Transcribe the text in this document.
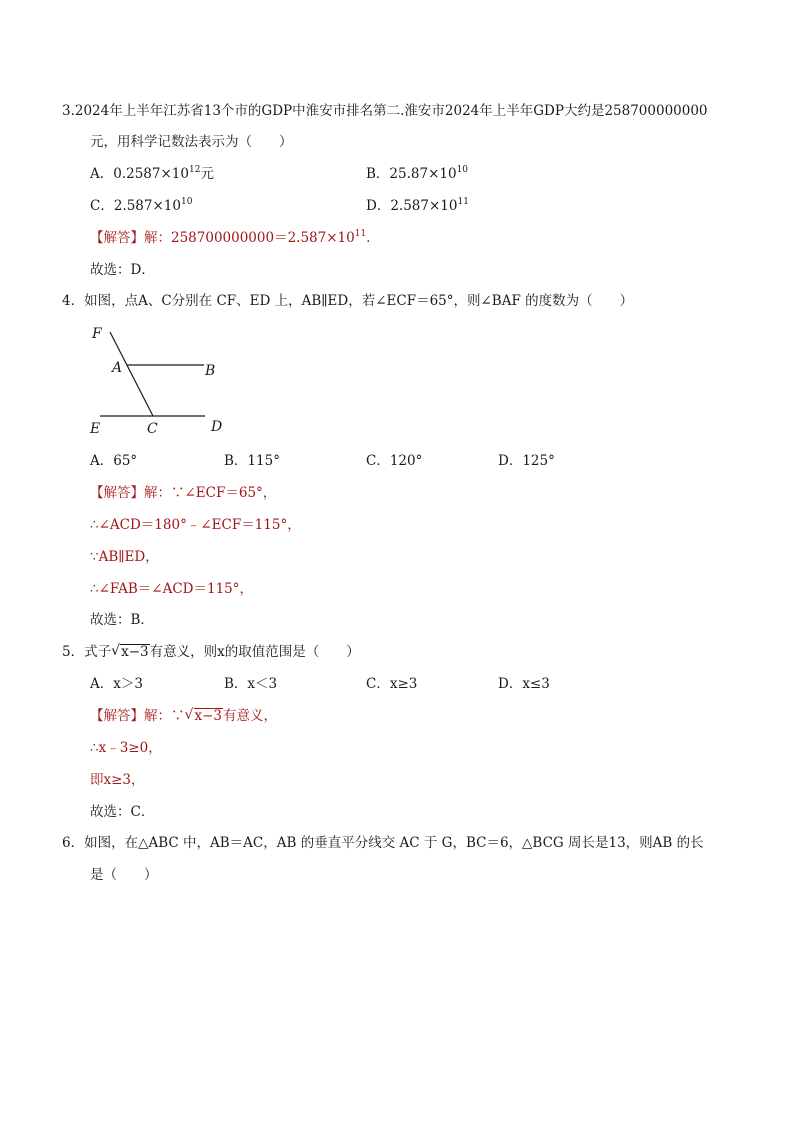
3.2024年上半年江苏省13个市的GDP中淮安市排名第二.淮安市2024年上半年GDP大约是258700000000
元，用科学记数法表示为（　　）
A．$0.2587\times 10^{12}$元	B．$25.87\times 10^{10}$
C．$2.587\times 10^{10}$	D．$2.587\times 10^{11}$
【解答】解：$258700000000=2.587\times 10^{11}$.
故选：D．
4．如图，点A、C分别在 CF、ED 上，AB∥ED，若∠ECF＝65°，则∠BAF 的度数为（　　）
F
A	B
E	C	D
A．65°	B．115°	C．120°	D．125°
【解答】解：∵∠ECF＝65°，
∴∠ACD＝180°﹣∠ECF＝115°，
∵AB∥ED，
∴∠FAB＝∠ACD＝115°，
故选：B．
5．式子 √ x−3有意义，则x的取值范围是（　　）
A．x＞3	B．x＜3	C．x≥3	D．x≤3
【解答】解：∵ √ x−3有意义，
∴x﹣3≥0，
即x≥3，
故选：C．
6．如图，在△ABC 中，AB＝AC，AB 的垂直平分线交 AC 于 G，BC＝6，△BCG 周长是13，则AB 的长
是（　　）
